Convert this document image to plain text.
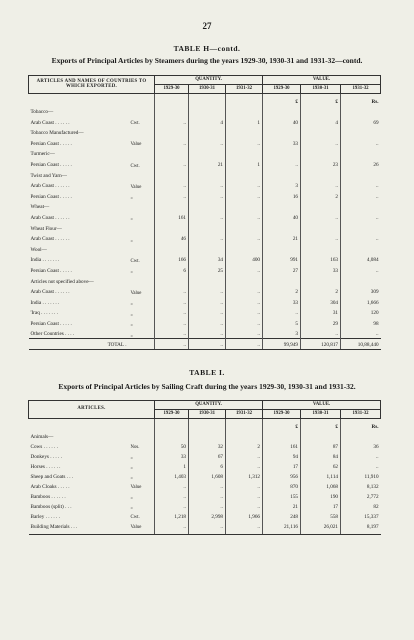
27
TABLE H—contd.
Exports of Principal Articles by Steamers during the years 1929-30, 1930-31 and 1931-32—contd.
ARTICLES AND NAMES OF COUNTRIES TO WHICH EXPORTED.		QUANTITY.			VALUE.		
		1929-30	1930-31	1931-32	1929-30	1930-31	1931-32
					£	£	Rs.
Tobacco—							
Arab Coast . . . . . .	Cwt.	..	4	1	40	4	69
Tobacco Manufactured—							
Persian Coast . . . . .	Value	..	..	..	33	..	..
Turmeric—							
Persian Coast . . . . .	Cwt.	..	21	1	..	23	26
Twist and Yarn—							
Arab Coast . . . . . .	Value	..	..	..	3	..	..
Persian Coast . . . . .	„	..	..	..	16	2	..
Wheat—							
Arab Coast . . . . . .	„	161	..	..	40	..	..
Wheat Flour—							
Arab Coast . . . . . .	„	46	..	..	21	..	..
Wool—							
India . . . . . . .	Cwt.	166	34	400	991	163	4,084
Persian Coast . . . . .	„	6	25	..	27	33	..
Articles not specified above—							
Arab Coast . . . . . .	Value	..	..	..	2	2	309
India . . . . . . .	„	..	..	..	33	304	1,666
'Iraq . . . . . . .	„	..	..	..	..	31	120
Persian Coast . . . . .	„	..	..	..	5	29	98
Other Countries . . . .	„	..	..	..	3	..	..
TOTAL .		..	..	..	99,949	120,817	10,88,440
TABLE I.
Exports of Principal Articles by Sailing Craft during the years 1929-30, 1930-31 and 1931-32.
ARTICLES.		QUANTITY.			VALUE.		
		1929-30	1930-31	1931-32	1929-30	1930-31	1931-32
					£	£	Rs.
Animals—							
Cows . . . . . .	Nos.	50	32	2	161	87	36
Donkeys . . . . .	„	33	67	..	94	84	..
Horses . . . . . .	„	1	6	..	17	62	..
Sheep and Goats . . .	„	1,403	1,608	1,312	956	1,114	11,910
Arab Cloaks . . . . .	Value	..	..	..	870	1,068	8,132
Bamboos . . . . . .	„	..	..	..	155	190	2,772
Bamboos (split) . . .	„	..	..	..	21	17	82
Barley . . . . . .	Cwt.	1,218	2,998	1,966	248	558	15,337
Building Materials . . .	Value	..	..	..	21,116	26,021	8,197
